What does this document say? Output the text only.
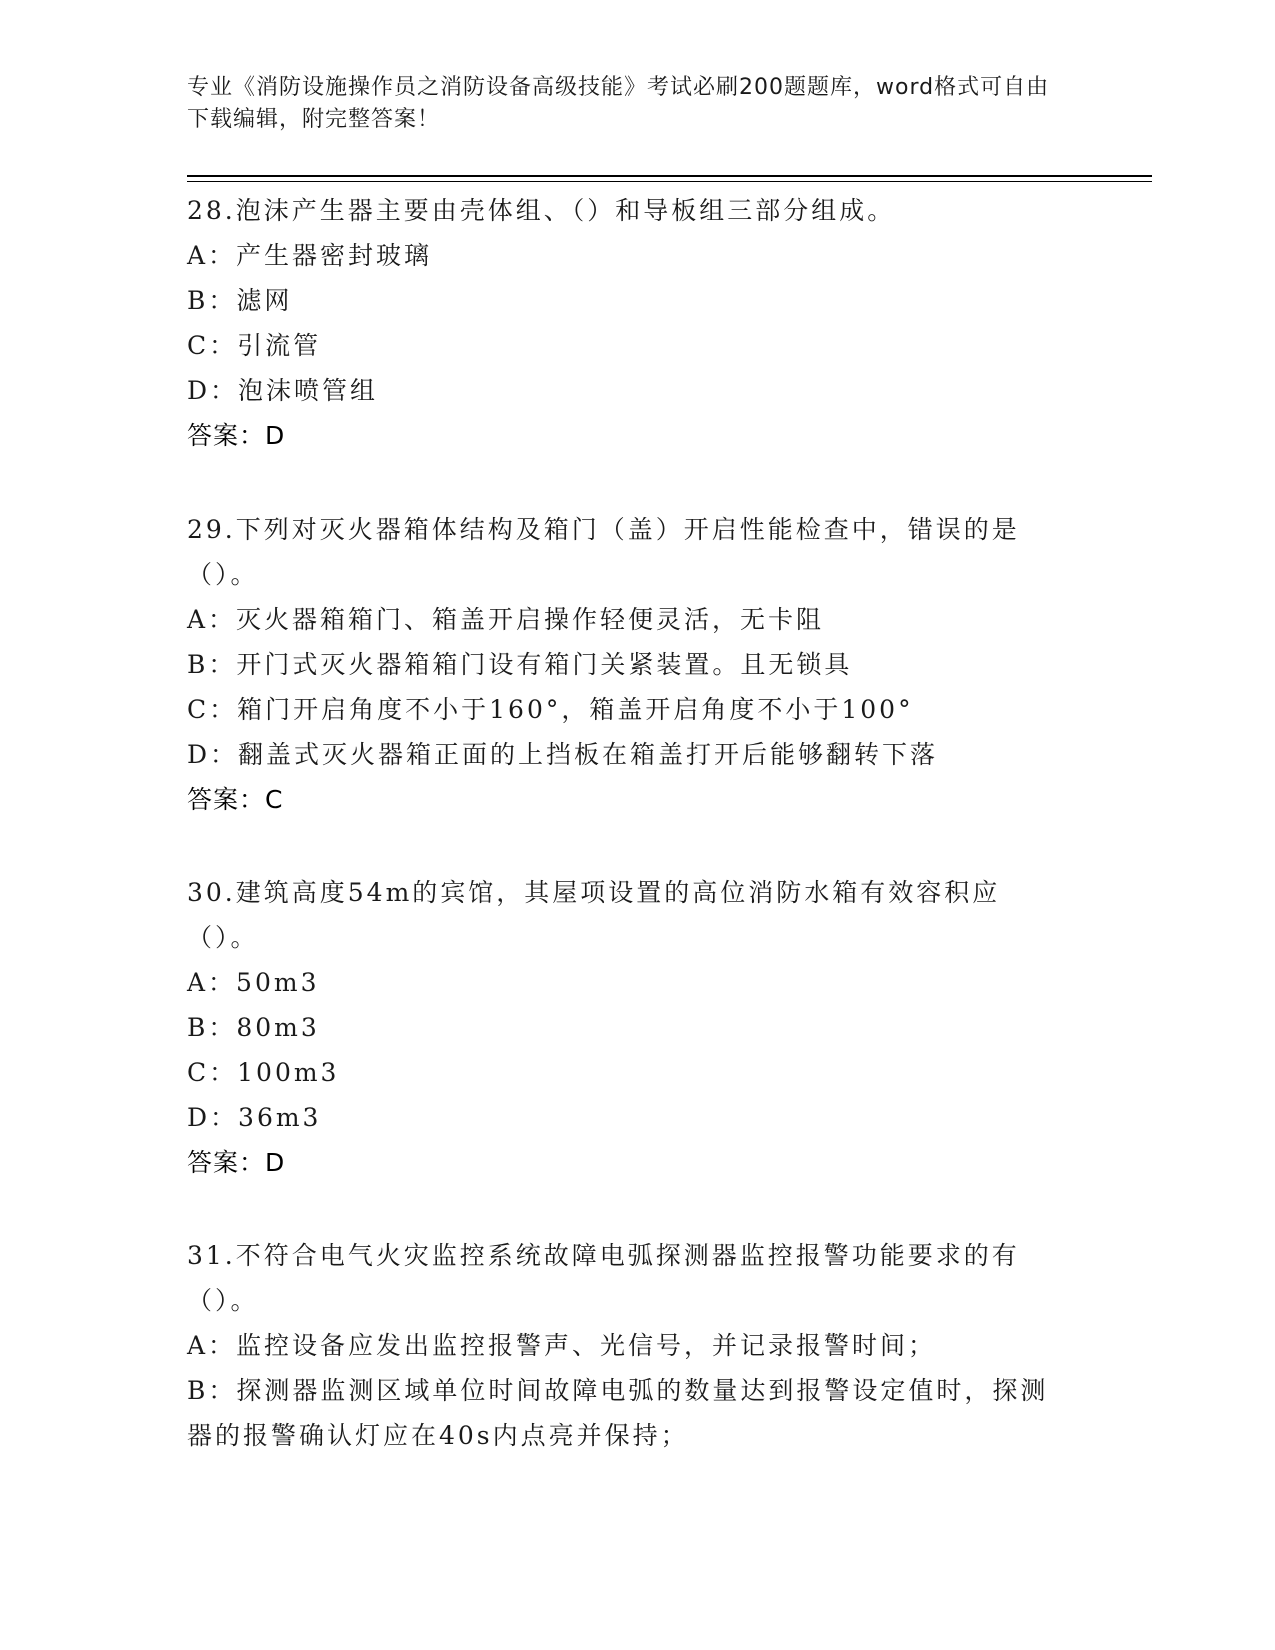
专业《消防设施操作员之消防设备高级技能》考试必刷200题题库，word格式可自由下载编辑，附完整答案！
28.泡沫产生器主要由壳体组、（）和导板组三部分组成。
A：产生器密封玻璃
B：滤网
C：引流管
D：泡沫喷管组
答案：D
29.下列对灭火器箱体结构及箱门（盖）开启性能检查中，错误的是（）。
A：灭火器箱箱门、箱盖开启操作轻便灵活，无卡阻
B：开门式灭火器箱箱门设有箱门关紧装置。且无锁具
C：箱门开启角度不小于160°，箱盖开启角度不小于100°
D：翻盖式灭火器箱正面的上挡板在箱盖打开后能够翻转下落
答案：C
30.建筑高度54m的宾馆，其屋项设置的高位消防水箱有效容积应（）。
A：50m3
B：80m3
C：100m3
D：36m3
答案：D
31.不符合电气火灾监控系统故障电弧探测器监控报警功能要求的有（）。
A：监控设备应发出监控报警声、光信号，并记录报警时间；
B：探测器监测区域单位时间故障电弧的数量达到报警设定值时，探测器的报警确认灯应在40s内点亮并保持；
